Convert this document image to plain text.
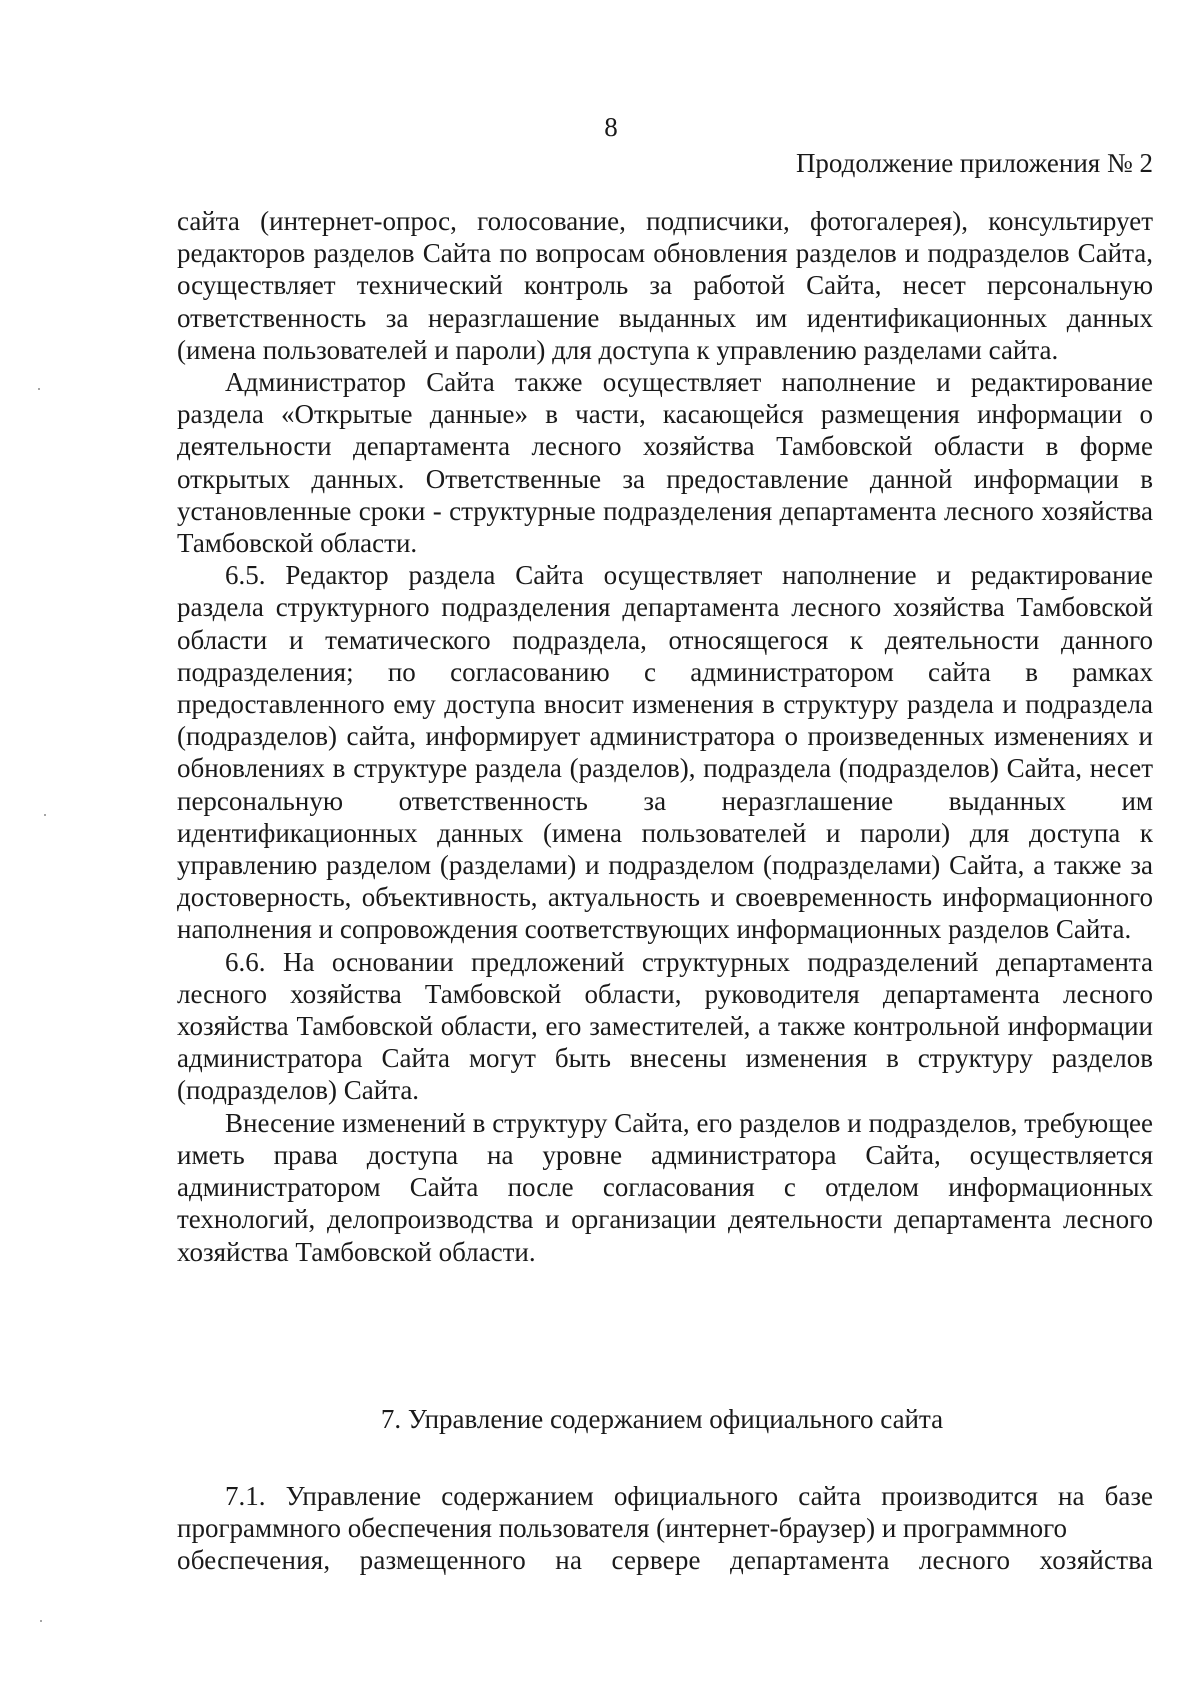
8
Продолжение приложения № 2

сайта (интернет-опрос, голосование, подписчики, фотогалерея), консультирует редакторов разделов Сайта по вопросам обновления разделов и подразделов Сайта, осуществляет технический контроль за работой Сайта, несет персональную ответственность за неразглашение выданных им идентификационных данных (имена пользователей и пароли) для доступа к управлению разделами сайта.

Администратор Сайта также осуществляет наполнение и редактирование раздела «Открытые данные» в части, касающейся размещения информации о деятельности департамента лесного хозяйства Тамбовской области в форме открытых данных. Ответственные за предоставление данной информации в установленные сроки - структурные подразделения департамента лесного хозяйства Тамбовской области.

6.5. Редактор раздела Сайта осуществляет наполнение и редактирование раздела структурного подразделения департамента лесного хозяйства Тамбовской области и тематического подраздела, относящегося к деятельности данного подразделения; по согласованию с администратором сайта в рамках предоставленного ему доступа вносит изменения в структуру раздела и подраздела (подразделов) сайта, информирует администратора о произведенных изменениях и обновлениях в структуре раздела (разделов), подраздела (подразделов) Сайта, несет персональную ответственность за неразглашение выданных им идентификационных данных (имена пользователей и пароли) для доступа к управлению разделом (разделами) и подразделом (подразделами) Сайта, а также за достоверность, объективность, актуальность и своевременность информационного наполнения и сопровождения соответствующих информационных разделов Сайта.

6.6. На основании предложений структурных подразделений департамента лесного хозяйства Тамбовской области, руководителя департамента лесного хозяйства Тамбовской области, его заместителей, а также контрольной информации администратора Сайта могут быть внесены изменения в структуру разделов (подразделов) Сайта.

Внесение изменений в структуру Сайта, его разделов и подразделов, требующее иметь права доступа на уровне администратора Сайта, осуществляется администратором Сайта после согласования с отделом информационных технологий, делопроизводства и организации деятельности департамента лесного хозяйства Тамбовской области.

7. Управление содержанием официального сайта

7.1. Управление содержанием официального сайта производится на базе программного обеспечения пользователя (интернет-браузер) и программного

обеспечения, размещенного на сервере департамента лесного хозяйства
